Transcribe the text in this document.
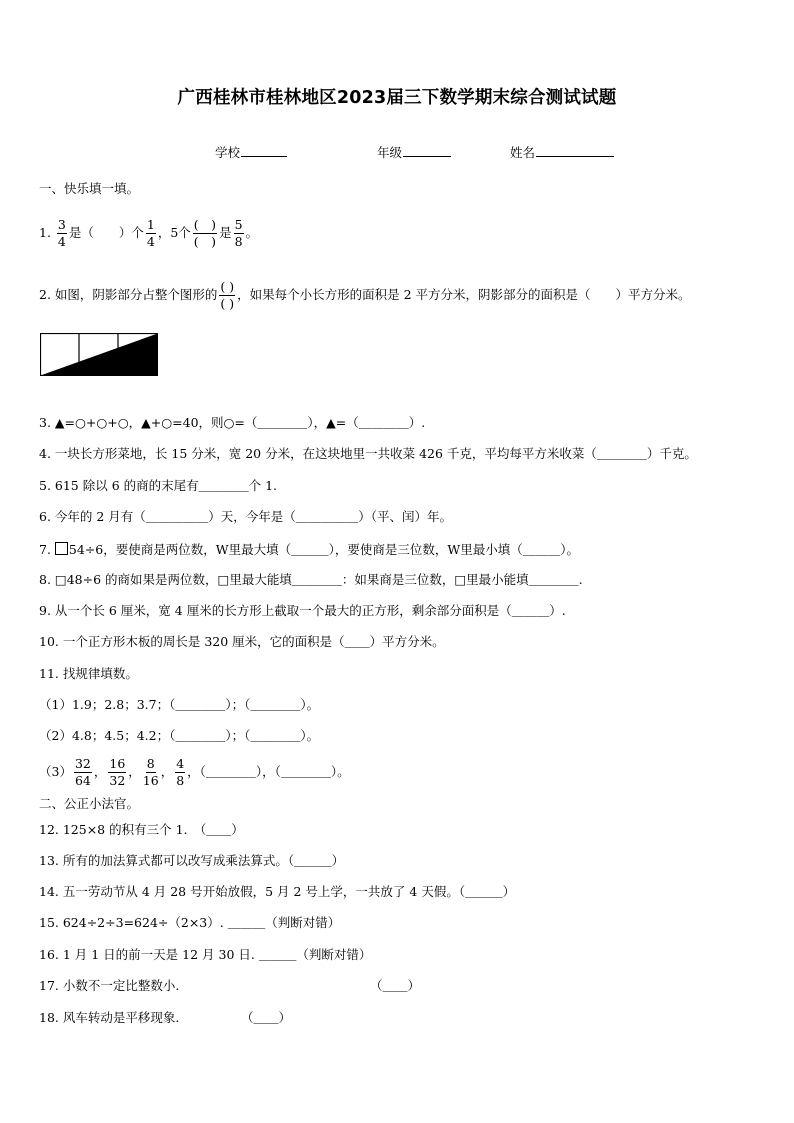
广西桂林市桂林地区2023届三下数学期末综合测试试题
学校	年级	姓名
一、快乐填一填。
1. $\frac{3}{4}$ 是（　　）个 $\frac{1}{4}$ ，5个 $\frac{( )}{( )}$ 是 $\frac{5}{8}$ 。
2. 如图，阴影部分占整个图形的 $\frac{( )}{( )}$ ，如果每个小长方形的面积是 2 平方分米，阴影部分的面积是（　　）平方分米。
3. ▲=○+○+○，▲+○=40，则○=（＿＿＿＿），▲=（＿＿＿＿）.
4. 一块长方形菜地，长 15 分米，宽 20 分米，在这块地里一共收菜 426 千克，平均每平方米收菜（＿＿＿＿）千克。
5. 615 除以 6 的商的末尾有＿＿＿＿个 1.
6. 今年的 2 月有（＿＿＿＿＿）天，今年是（＿＿＿＿＿）（平、闰）年。
7. 54÷6，要使商是两位数，W里最大填（＿＿＿），要使商是三位数，W里最小填（＿＿＿）。
8. □48÷6 的商如果是两位数，□里最大能填＿＿＿＿：如果商是三位数，□里最小能填＿＿＿＿.
9. 从一个长 6 厘米，宽 4 厘米的长方形上截取一个最大的正方形，剩余部分面积是（＿＿＿）.
10. 一个正方形木板的周长是 320 厘米，它的面积是（＿＿）平方分米。
11. 找规律填数。
（1）1.9；2.8；3.7；（＿＿＿＿）；（＿＿＿＿）。
（2）4.8；4.5；4.2；（＿＿＿＿）；（＿＿＿＿）。
$(3) \frac{32}{64}$ ， $\frac{16}{32}$ ， $\frac{8}{16}$ ， $\frac{4}{8}$ ，（＿＿＿＿），（＿＿＿＿）。
二、公正小法官。
12. 125×8 的积有三个 1.　（＿＿）
13. 所有的加法算式都可以改写成乘法算式。（＿＿＿）
14. 五一劳动节从 4 月 28 号开始放假，5 月 2 号上学，一共放了 4 天假。（＿＿＿）
15. 624÷2÷3=624÷（2×3）. ＿＿＿（判断对错）
16. 1 月 1 日的前一天是 12 月 30 日. ＿＿＿（判断对错）
17. 小数不一定比整数小.	（＿＿）
18. 风车转动是平移现象.	（＿＿）
